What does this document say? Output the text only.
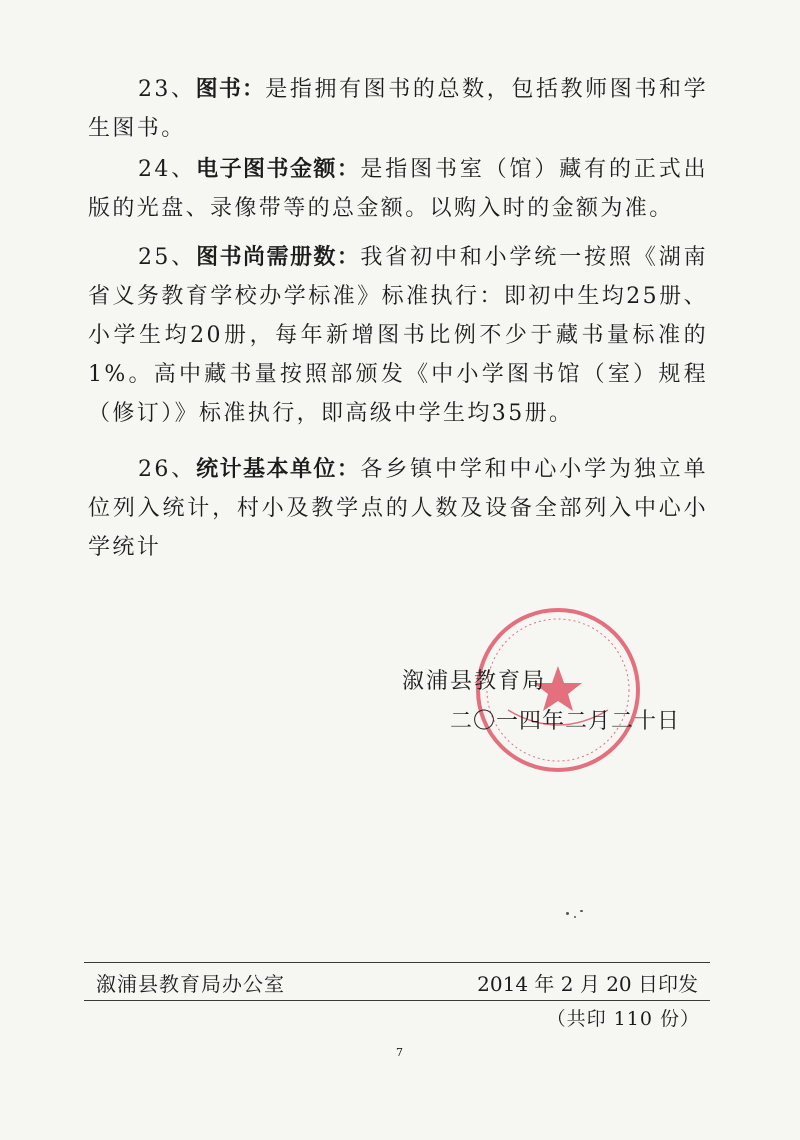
23、图书：是指拥有图书的总数，包括教师图书和学生图书。

24、电子图书金额：是指图书室（馆）藏有的正式出版的光盘、录像带等的总金额。以购入时的金额为准。

25、图书尚需册数：我省初中和小学统一按照《湖南省义务教育学校办学标准》标准执行：即初中生均25册、小学生均20册，每年新增图书比例不少于藏书量标准的1%。高中藏书量按照部颁发《中小学图书馆（室）规程（修订）》标准执行，即高级中学生均35册。

26、统计基本单位：各乡镇中学和中心小学为独立单位列入统计，村小及教学点的人数及设备全部列入中心小学统计

溆浦县教育局
二〇一四年二月二十日
溆浦县教育局办公室	2014 年 2 月 20 日印发
（共印 110 份）
7
